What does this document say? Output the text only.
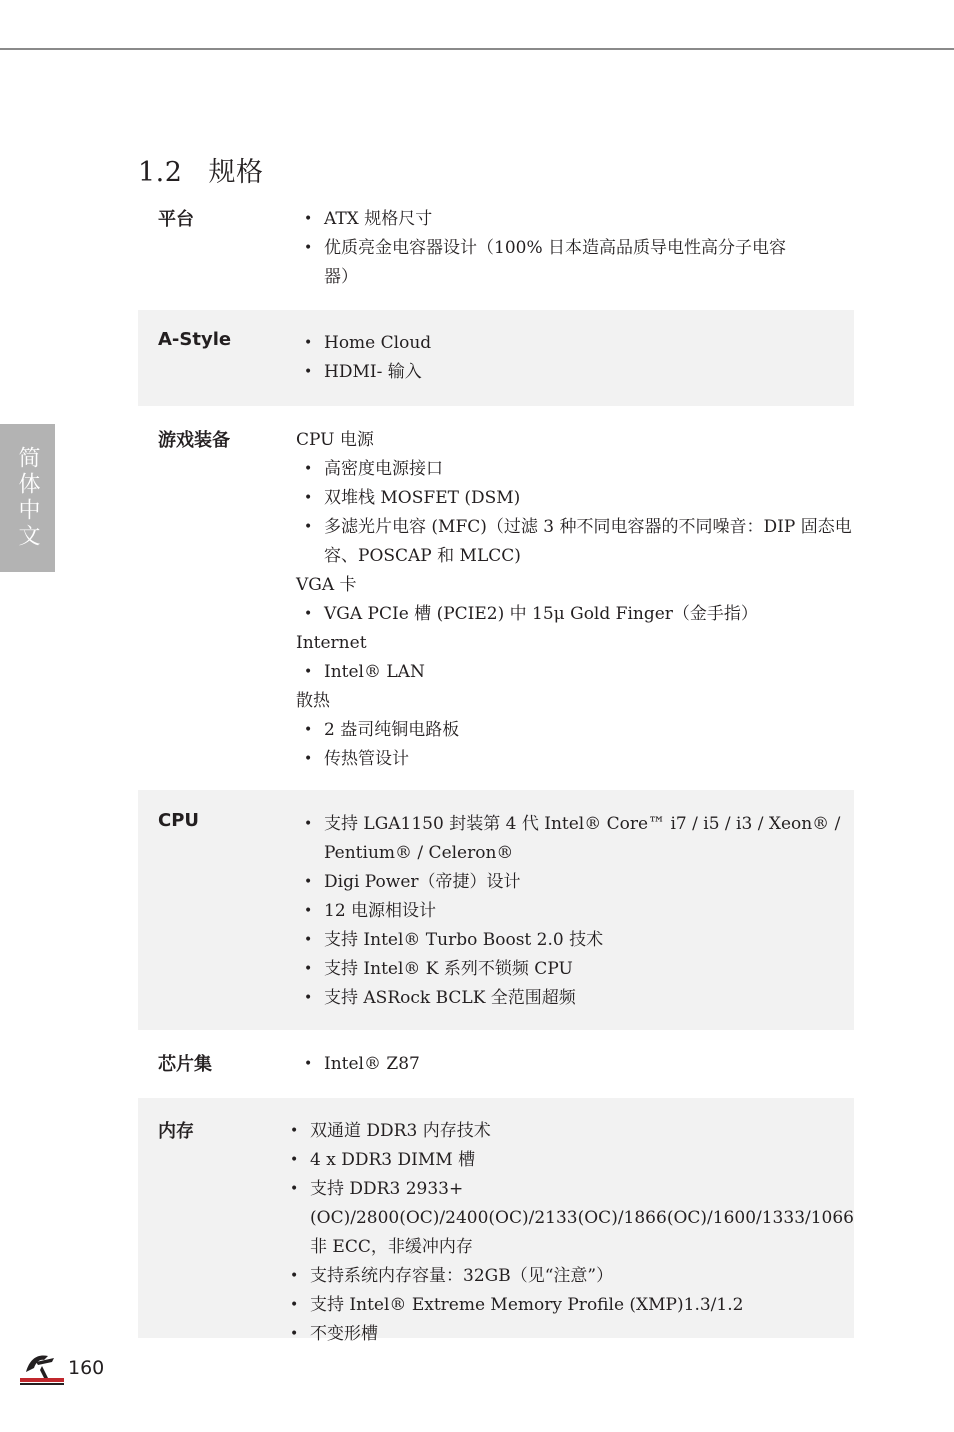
1.2 规格
简体中文
平台	• ATX 规格尺寸
• 优质亮金电容器设计（100% 日本造高品质导电性高分子电容器）
A-Style	• Home Cloud
• HDMI- 输入
游戏装备	CPU 电源
• 高密度电源接口
• 双堆栈 MOSFET (DSM)
• 多滤光片电容 (MFC)（过滤 3 种不同电容器的不同噪音：DIP 固态电容、POSCAP 和 MLCC)
VGA 卡
• VGA PCIe 槽 (PCIE2) 中 15μ Gold Finger（金手指）
Internet
• Intel® LAN
散热
• 2 盎司纯铜电路板
• 传热管设计
CPU	• 支持 LGA1150 封装第 4 代 Intel® Core™ i7 / i5 / i3 / Xeon® / Pentium® / Celeron®
• Digi Power（帝捷）设计
• 12 电源相设计
• 支持 Intel® Turbo Boost 2.0 技术
• 支持 Intel® K 系列不锁频 CPU
• 支持 ASRock BCLK 全范围超频
芯片集	• Intel® Z87
内存	• 双通道 DDR3 内存技术
• 4 x DDR3 DIMM 槽
• 支持 DDR3 2933+(OC)/2800(OC)/2400(OC)/2133(OC)/1866(OC)/1600/1333/1066 非 ECC，非缓冲内存
• 支持系统内存容量：32GB（见“注意”）
• 支持 Intel® Extreme Memory Profile (XMP)1.3/1.2
• 不变形槽
160
